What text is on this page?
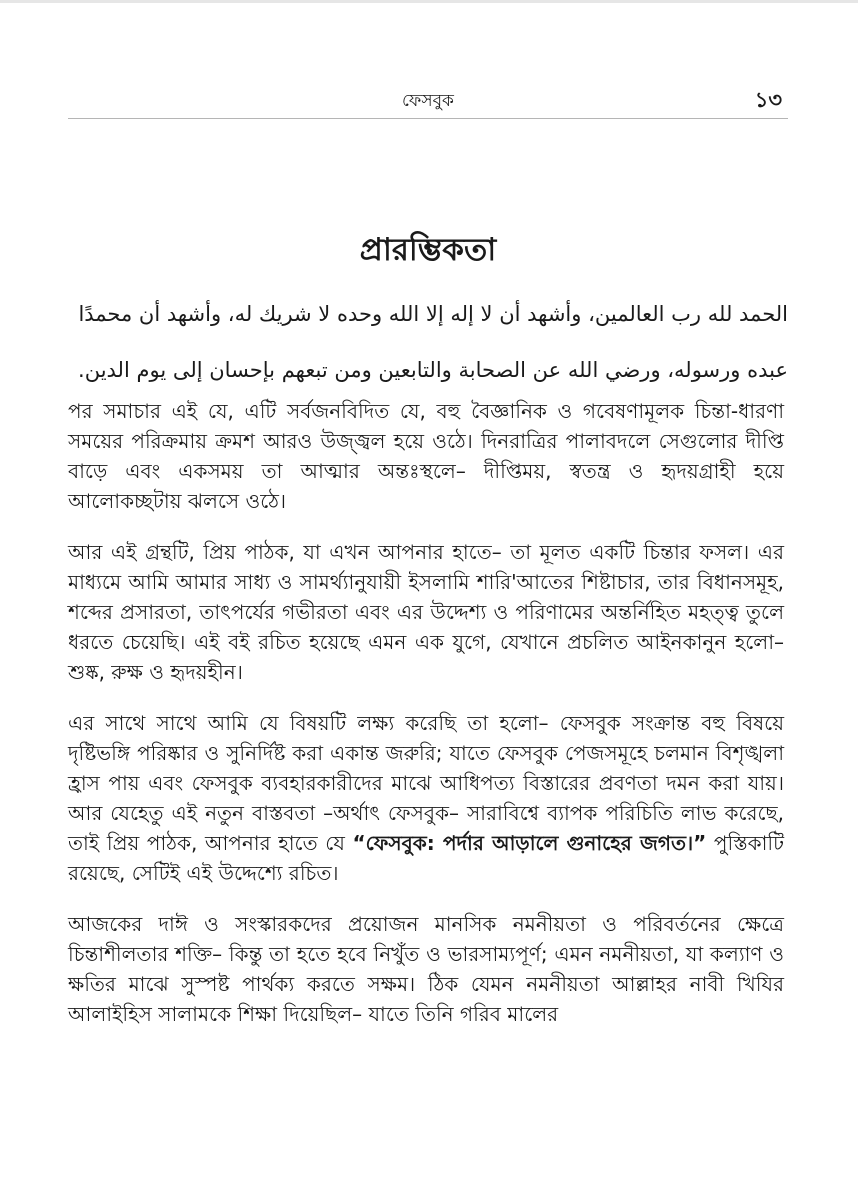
ফেসবুক	১৩
প্রারম্ভিকতা

الحمد لله رب العالمين، وأشهد أن لا إله إلا الله وحده لا شريك له، وأشهد أن محمدًا

عبده ورسوله، ورضي الله عن الصحابة والتابعين ومن تبعهم بإحسان إلى يوم الدين.

পর সমাচার এই যে, এটি সর্বজনবিদিত যে, বহু বৈজ্ঞানিক ও গবেষণামূলক চিন্তা-ধারণা সময়ের পরিক্রমায় ক্রমশ আরও উজ্জ্বল হয়ে ওঠে। দিনরাত্রির পালাবদলে সেগুলোর দীপ্তি বাড়ে এবং একসময় তা আত্মার অন্তঃস্থলে– দীপ্তিময়, স্বতন্ত্র ও হৃদয়গ্রাহী হয়ে আলোকচ্ছটায় ঝলসে ওঠে।

আর এই গ্রন্থটি, প্রিয় পাঠক, যা এখন আপনার হাতে– তা মূলত একটি চিন্তার ফসল। এর মাধ্যমে আমি আমার সাধ্য ও সামর্থ্যানুযায়ী ইসলামি শারি'আতের শিষ্টাচার, তার বিধানসমূহ, শব্দের প্রসারতা, তাৎপর্যের গভীরতা এবং এর উদ্দেশ্য ও পরিণামের অন্তর্নিহিত মহত্ত্ব তুলে ধরতে চেয়েছি। এই বই রচিত হয়েছে এমন এক যুগে, যেখানে প্রচলিত আইনকানুন হলো– শুষ্ক, রুক্ষ ও হৃদয়হীন।

এর সাথে সাথে আমি যে বিষয়টি লক্ষ্য করেছি তা হলো– ফেসবুক সংক্রান্ত বহু বিষয়ে দৃষ্টিভঙ্গি পরিষ্কার ও সুনির্দিষ্ট করা একান্ত জরুরি; যাতে ফেসবুক পেজসমূহে চলমান বিশৃঙ্খলা হ্রাস পায় এবং ফেসবুক ব্যবহারকারীদের মাঝে আধিপত্য বিস্তারের প্রবণতা দমন করা যায়। আর যেহেতু এই নতুন বাস্তবতা –অর্থাৎ ফেসবুক– সারাবিশ্বে ব্যাপক পরিচিতি লাভ করেছে, তাই প্রিয় পাঠক, আপনার হাতে যে “ফেসবুক: পর্দার আড়ালে গুনাহের জগত।” পুস্তিকাটি রয়েছে, সেটিই এই উদ্দেশ্যে রচিত।

আজকের দাঈ ও সংস্কারকদের প্রয়োজন মানসিক নমনীয়তা ও পরিবর্তনের ক্ষেত্রে চিন্তাশীলতার শক্তি– কিন্তু তা হতে হবে নিখুঁত ও ভারসাম্যপূর্ণ; এমন নমনীয়তা, যা কল্যাণ ও ক্ষতির মাঝে সুস্পষ্ট পার্থক্য করতে সক্ষম। ঠিক যেমন নমনীয়তা আল্লাহর নাবী খিযির আলাইহিস সালামকে শিক্ষা দিয়েছিল– যাতে তিনি গরিব মালের
